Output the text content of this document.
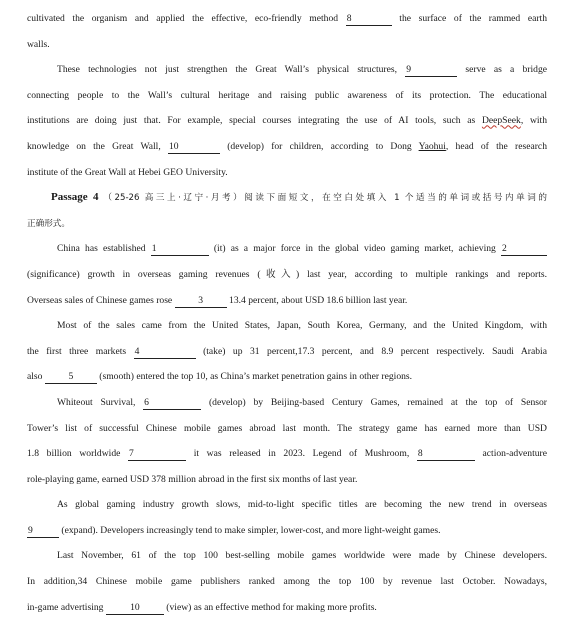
cultivated the organism and applied the effective, eco-friendly method 8	the surface of the rammed earth
walls.
These technologies not just strengthen the Great Wall’s physical structures, 9	serve as a bridge
connecting people to the Wall’s cultural heritage and raising public awareness of its protection. The educational
institutions are doing just that. For example, special courses integrating the use of AI tools, such as DeepSeek, with
knowledge on the Great Wall, 10	(develop) for children, according to Dong Yaohui, head of the research
institute of the Great Wall at Hebei GEO University.
Passage 4 （25-26 高三上·辽宁·月考）阅读下面短文，在空白处填入 1 个适当的单词或括号内单词的
正确形式。
China has established 1	(it) as a major force in the global video gaming market, achieving 2
(significance) growth in overseas gaming revenues (收入) last year, according to multiple rankings and reports.
Overseas sales of Chinese games rose	3	13.4 percent, about USD 18.6 billion last year.
Most of the sales came from the United States, Japan, South Korea, Germany, and the United Kingdom, with
the first three markets 4	(take) up 31 percent,17.3 percent, and 8.9 percent respectively. Saudi Arabia
also	5	(smooth) entered the top 10, as China’s market penetration gains in other regions.
Whiteout Survival, 6	(develop) by Beijing-based Century Games, remained at the top of Sensor
Tower’s list of successful Chinese mobile games abroad last month. The strategy game has earned more than USD
1.8 billion worldwide 7	it was released in 2023. Legend of Mushroom, 8	action-adventure
role-playing game, earned USD 378 million abroad in the first six months of last year.
As global gaming industry growth slows, mid-to-light specific titles are becoming the new trend in overseas
9	(expand). Developers increasingly tend to make simpler, lower-cost, and more light-weight games.
Last November, 61 of the top 100 best-selling mobile games worldwide were made by Chinese developers.
In addition,34 Chinese mobile game publishers ranked among the top 100 by revenue last October. Nowadays,
in-game advertising	10	(view) as an effective method for making more profits.
